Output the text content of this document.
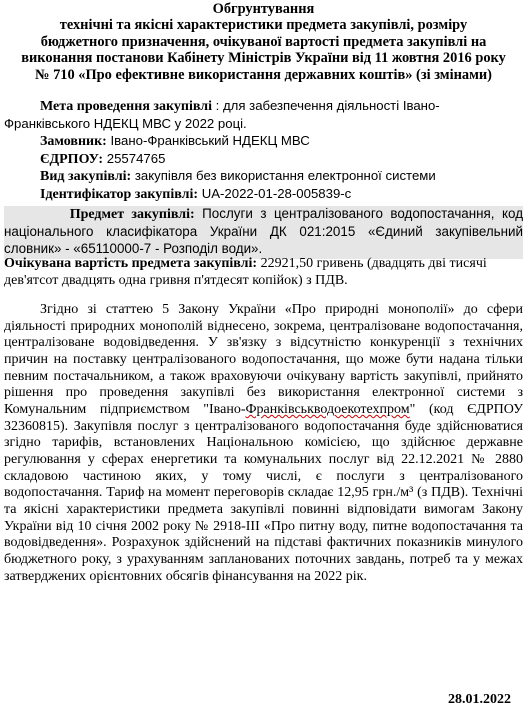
Обгрунтування
технічні та якісні характеристики предмета закупівлі, розміру
бюджетного призначення, очікуваної вартості предмета закупівлі на
виконання постанови Кабінету Міністрів України від 11 жовтня 2016 року
№ 710 «Про ефективне використання державних коштів» (зі змінами)
Мета проведення закупівлі : для забезпечення діяльності Івано-
Франківського НДЕКЦ МВС у 2022 році.
Замовник: Івано-Франківський НДЕКЦ МВС
ЄДРПОУ: 25574765
Вид закупівлі: закупівля без використання електронної системи
Ідентифікатор закупівлі: UA-2022-01-28-005839-c
Предмет закупівлі: Послуги з централізованого водопостачання, код національного класифікатора України ДК 021:2015 «Єдиний закупівельний словник» - «65110000-7 - Розподіл води».
Очікувана вартість предмета закупівлі: 22921,50 гривень (двадцять дві тисячі дев'ятсот двадцять одна гривня п'ятдесят копійок) з ПДВ.
Згідно зі статтею 5 Закону України «Про природні монополії» до сфери діяльності природних монополій віднесено, зокрема, централізоване водопостачання, централізоване водовідведення. У зв'язку з відсутністю конкуренції з технічних причин на поставку централізованого водопостачання, що може бути надана тільки певним постачальником, а також враховуючи очікувану вартість закупівлі, прийнято рішення про проведення закупівлі без використання електронної системи з Комунальним підприємством "Івано-Франківськводоекотехпром" (код ЄДРПОУ 32360815). Закупівля послуг з централізованого водопостачання буде здійснюватися згідно тарифів, встановлених Національною комісією, що здійснює державне регулювання у сферах енергетики та комунальних послуг від 22.12.2021 № 2880 складовою частиною яких, у тому числі, є послуги з централізованого водопостачання. Тариф на момент переговорів складає 12,95 грн./м³ (з ПДВ). Технічні та якісні характеристики предмета закупівлі повинні відповідати вимогам Закону України від 10 січня 2002 року № 2918-ІІІ «Про питну воду, питне водопостачання та водовідведення». Розрахунок здійснений на підставі фактичних показників минулого бюджетного року, з урахуванням запланованих поточних завдань, потреб та у межах затверджених орієнтовних обсягів фінансування на 2022 рік.
28.01.2022
